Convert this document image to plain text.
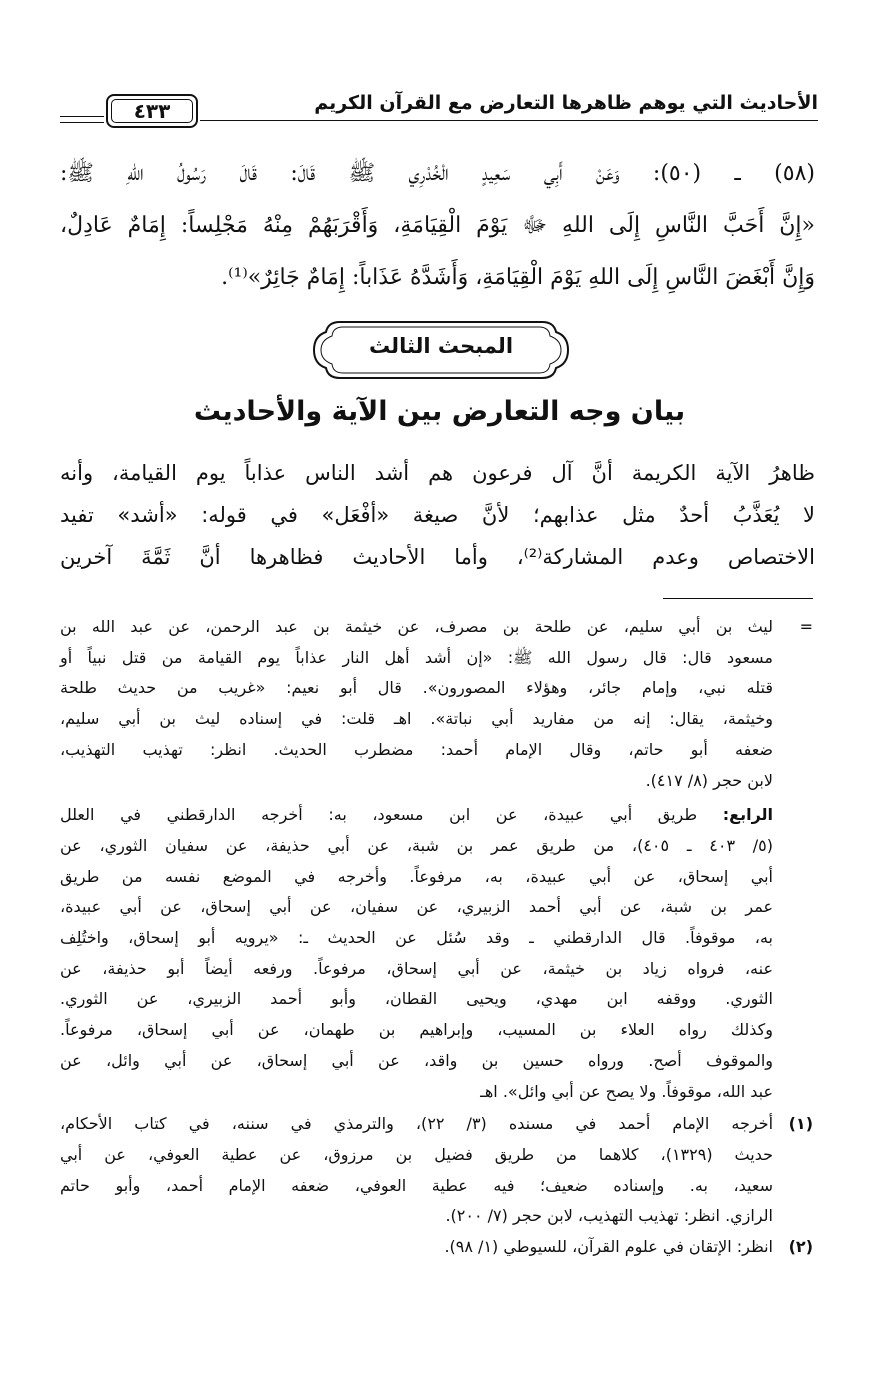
الأحاديث التي يوهم ظاهرها التعارض مع القرآن الكريم
٤٣٣
(٥٨) ـ (٥٠): وَعَنْ أَبِي سَعِيدٍ الْخُدْرِي ﷺ قَالَ: قَالَ رَسُولُ اللهِ ﷺ:
«إِنَّ أَحَبَّ النَّاسِ إِلَى اللهِ ﷻ يَوْمَ الْقِيَامَةِ، وَأَقْرَبَهُمْ مِنْهُ مَجْلِساً: إِمَامٌ عَادِلٌ،
وَإِنَّ أَبْغَضَ النَّاسِ إِلَى اللهِ يَوْمَ الْقِيَامَةِ، وَأَشَدَّهُ عَذَاباً: إِمَامٌ جَائِرٌ»⁽¹⁾.
المبحث الثالث
بيان وجه التعارض بين الآية والأحاديث
ظاهرُ الآية الكريمة أنَّ آل فرعون هم أشد الناس عذاباً يوم القيامة، وأنه
لا يُعَذَّبُ أحدٌ مثل عذابهم؛ لأنَّ صيغة «أفْعَل» في قوله: «أشد» تفيد
الاختصاص وعدم المشاركة⁽²⁾، وأما الأحاديث فظاهرها أنَّ ثَمَّةَ آخرين
=
ليث بن أبي سليم، عن طلحة بن مصرف، عن خيثمة بن عبد الرحمن، عن عبد الله بن
مسعود قال: قال رسول الله ﷺ: «إن أشد أهل النار عذاباً يوم القيامة من قتل نبياً أو
قتله نبي، وإمام جائر، وهؤلاء المصورون». قال أبو نعيم: «غريب من حديث طلحة
وخيثمة، يقال: إنه من مفاريد أبي نباتة». اهـ قلت: في إسناده ليث بن أبي سليم،
ضعفه أبو حاتم، وقال الإمام أحمد: مضطرب الحديث. انظر: تهذيب التهذيب،
لابن حجر (٨/ ٤١٧).
الرابع: طريق أبي عبيدة، عن ابن مسعود، به: أخرجه الدارقطني في العلل
(٥/ ٤٠٣ ـ ٤٠٥)، من طريق عمر بن شبة، عن أبي حذيفة، عن سفيان الثوري، عن
أبي إسحاق، عن أبي عبيدة، به، مرفوعاً. وأخرجه في الموضع نفسه من طريق
عمر بن شبة، عن أبي أحمد الزبيري، عن سفيان، عن أبي إسحاق، عن أبي عبيدة،
به، موقوفاً. قال الدارقطني ـ وقد سُئل عن الحديث ـ: «يرويه أبو إسحاق، واختُلِف
عنه، فرواه زياد بن خيثمة، عن أبي إسحاق، مرفوعاً. ورفعه أيضاً أبو حذيفة، عن
الثوري. ووقفه ابن مهدي، ويحيى القطان، وأبو أحمد الزبيري، عن الثوري.
وكذلك رواه العلاء بن المسيب، وإبراهيم بن طهمان، عن أبي إسحاق، مرفوعاً.
والموقوف أصح. ورواه حسين بن واقد، عن أبي إسحاق، عن أبي وائل، عن
عبد الله، موقوفاً. ولا يصح عن أبي وائل». اهـ
(١)
أخرجه الإمام أحمد في مسنده (٣/ ٢٢)، والترمذي في سننه، في كتاب الأحكام،
حديث (١٣٢٩)، كلاهما من طريق فضيل بن مرزوق، عن عطية العوفي، عن أبي
سعيد، به. وإسناده ضعيف؛ فيه عطية العوفي، ضعفه الإمام أحمد، وأبو حاتم
الرازي. انظر: تهذيب التهذيب، لابن حجر (٧/ ٢٠٠).
(٢)
انظر: الإتقان في علوم القرآن، للسيوطي (١/ ٩٨).
